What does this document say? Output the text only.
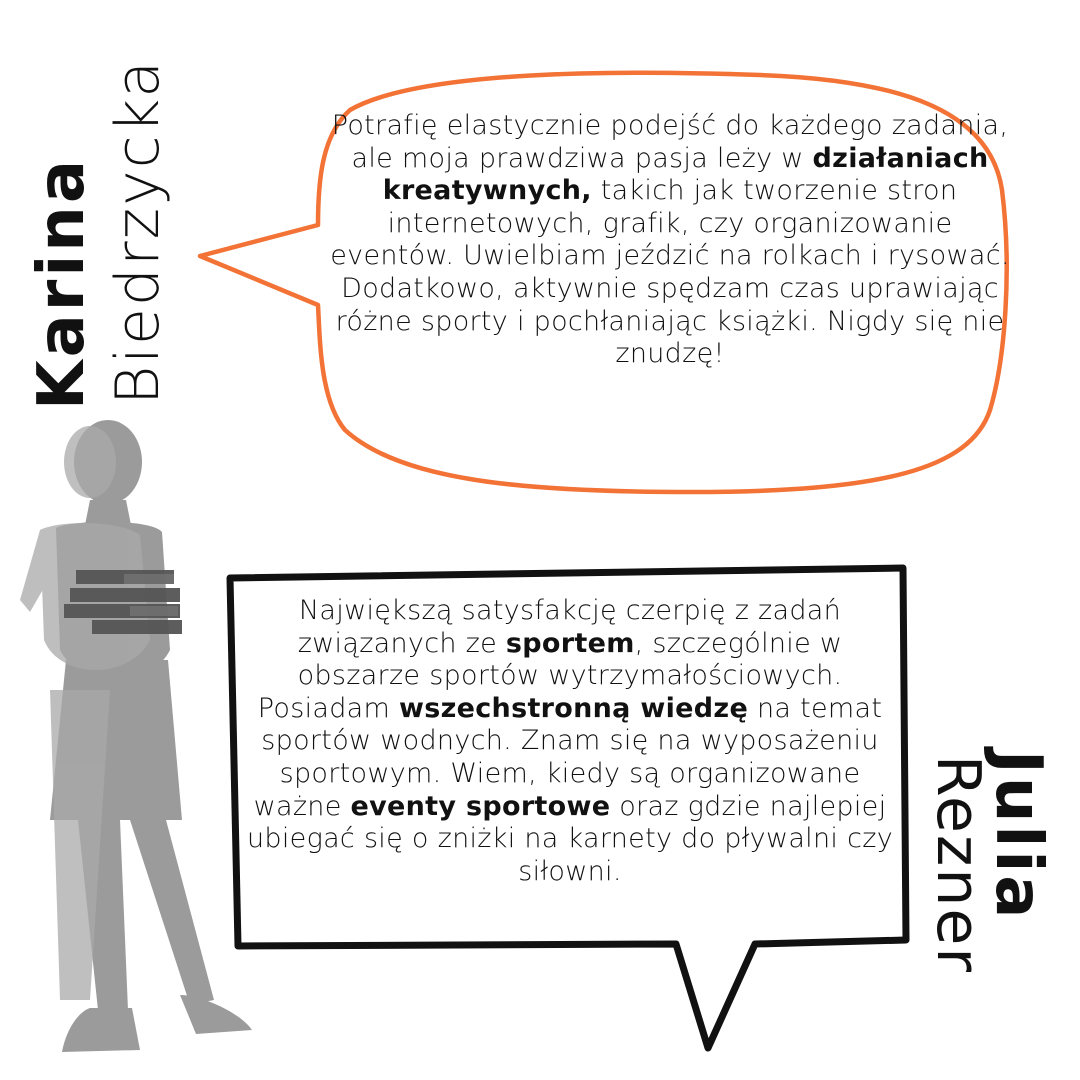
Karina Biedrzycka
Julia
Rezner
Potrafię elastycznie podejść do każdego zadania, ale moja prawdziwa pasja leży w działaniach kreatywnych, takich jak tworzenie stron internetowych, grafik, czy organizowanie eventów. Uwielbiam jeździć na rolkach i rysować. Dodatkowo, aktywnie spędzam czas uprawiając różne sporty i pochłaniając książki. Nigdy się nie znudzę!
Największą satysfakcję czerpię z zadań związanych ze sportem, szczególnie w obszarze sportów wytrzymałościowych. Posiadam wszechstronną wiedzę na temat sportów wodnych. Znam się na wyposażeniu sportowym. Wiem, kiedy są organizowane ważne eventy sportowe oraz gdzie najlepiej ubiegać się o zniżki na karnety do pływalni czy siłowni.
